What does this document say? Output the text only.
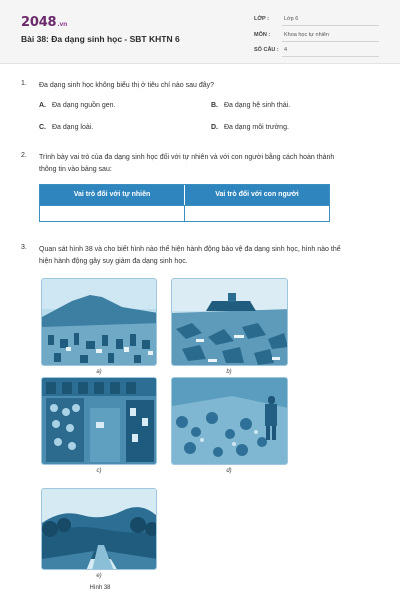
2048.vn
Bài 38: Đa dạng sinh học - SBT KHTN 6
LỚP :	Lớp 6
MÔN :	Khoa học tự nhiên
SỐ CÂU : 4
1. Đa dạng sinh học không biểu thị ở tiêu chí nào sau đây?
A. Đa dạng nguồn gen.	B. Đa dạng hệ sinh thái.
C. Đa dạng loài.	D. Đa dạng môi trường.
2. Trình bày vai trò của đa dạng sinh học đối với tự nhiên và với con người bằng cách hoàn thành
thông tin vào bảng sau:
Vai trò đối với tự nhiên	Vai trò đối với con người
3. Quan sát hình 38 và cho biết hình nào thể hiện hành động bảo vệ đa dạng sinh học, hình nào thể
hiện hành động gây suy giảm đa dạng sinh học.
a)	b)
c)	d)
e)
Hình 38
